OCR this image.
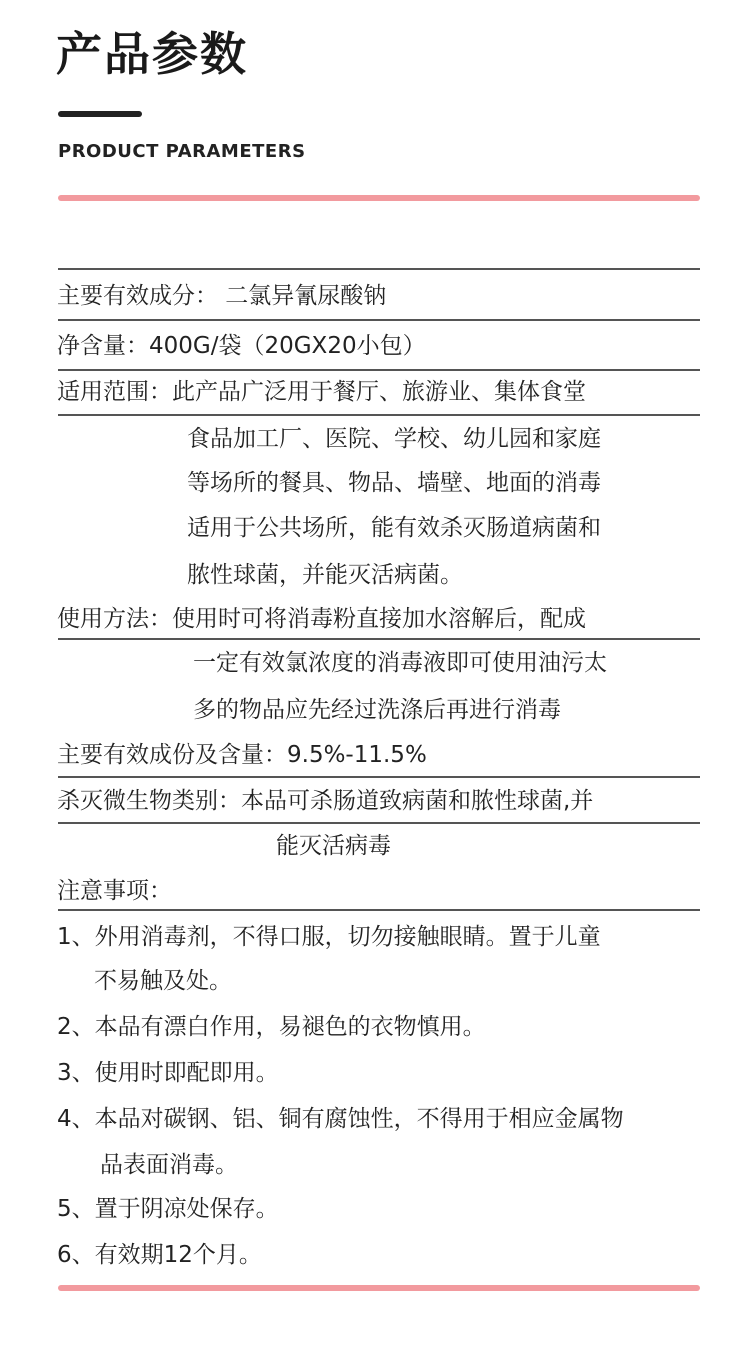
产品参数
PRODUCT PARAMETERS
主要有效成分： 二氯异氰尿酸钠
净含量：400G/袋（20GX20小包）
适用范围：此产品广泛用于餐厅、旅游业、集体食堂
食品加工厂、医院、学校、幼儿园和家庭
等场所的餐具、物品、墙壁、地面的消毒
适用于公共场所，能有效杀灭肠道病菌和
脓性球菌，并能灭活病菌。
使用方法：使用时可将消毒粉直接加水溶解后，配成
一定有效氯浓度的消毒液即可使用油污太
多的物品应先经过洗涤后再进行消毒
主要有效成份及含量：9.5%-11.5%
杀灭微生物类别：本品可杀肠道致病菌和脓性球菌,并
能灭活病毒
注意事项：
1、外用消毒剂，不得口服，切勿接触眼睛。置于儿童
不易触及处。
2、本品有漂白作用，易褪色的衣物慎用。
3、使用时即配即用。
4、本品对碳钢、铝、铜有腐蚀性，不得用于相应金属物
品表面消毒。
5、置于阴凉处保存。
6、有效期12个月。
